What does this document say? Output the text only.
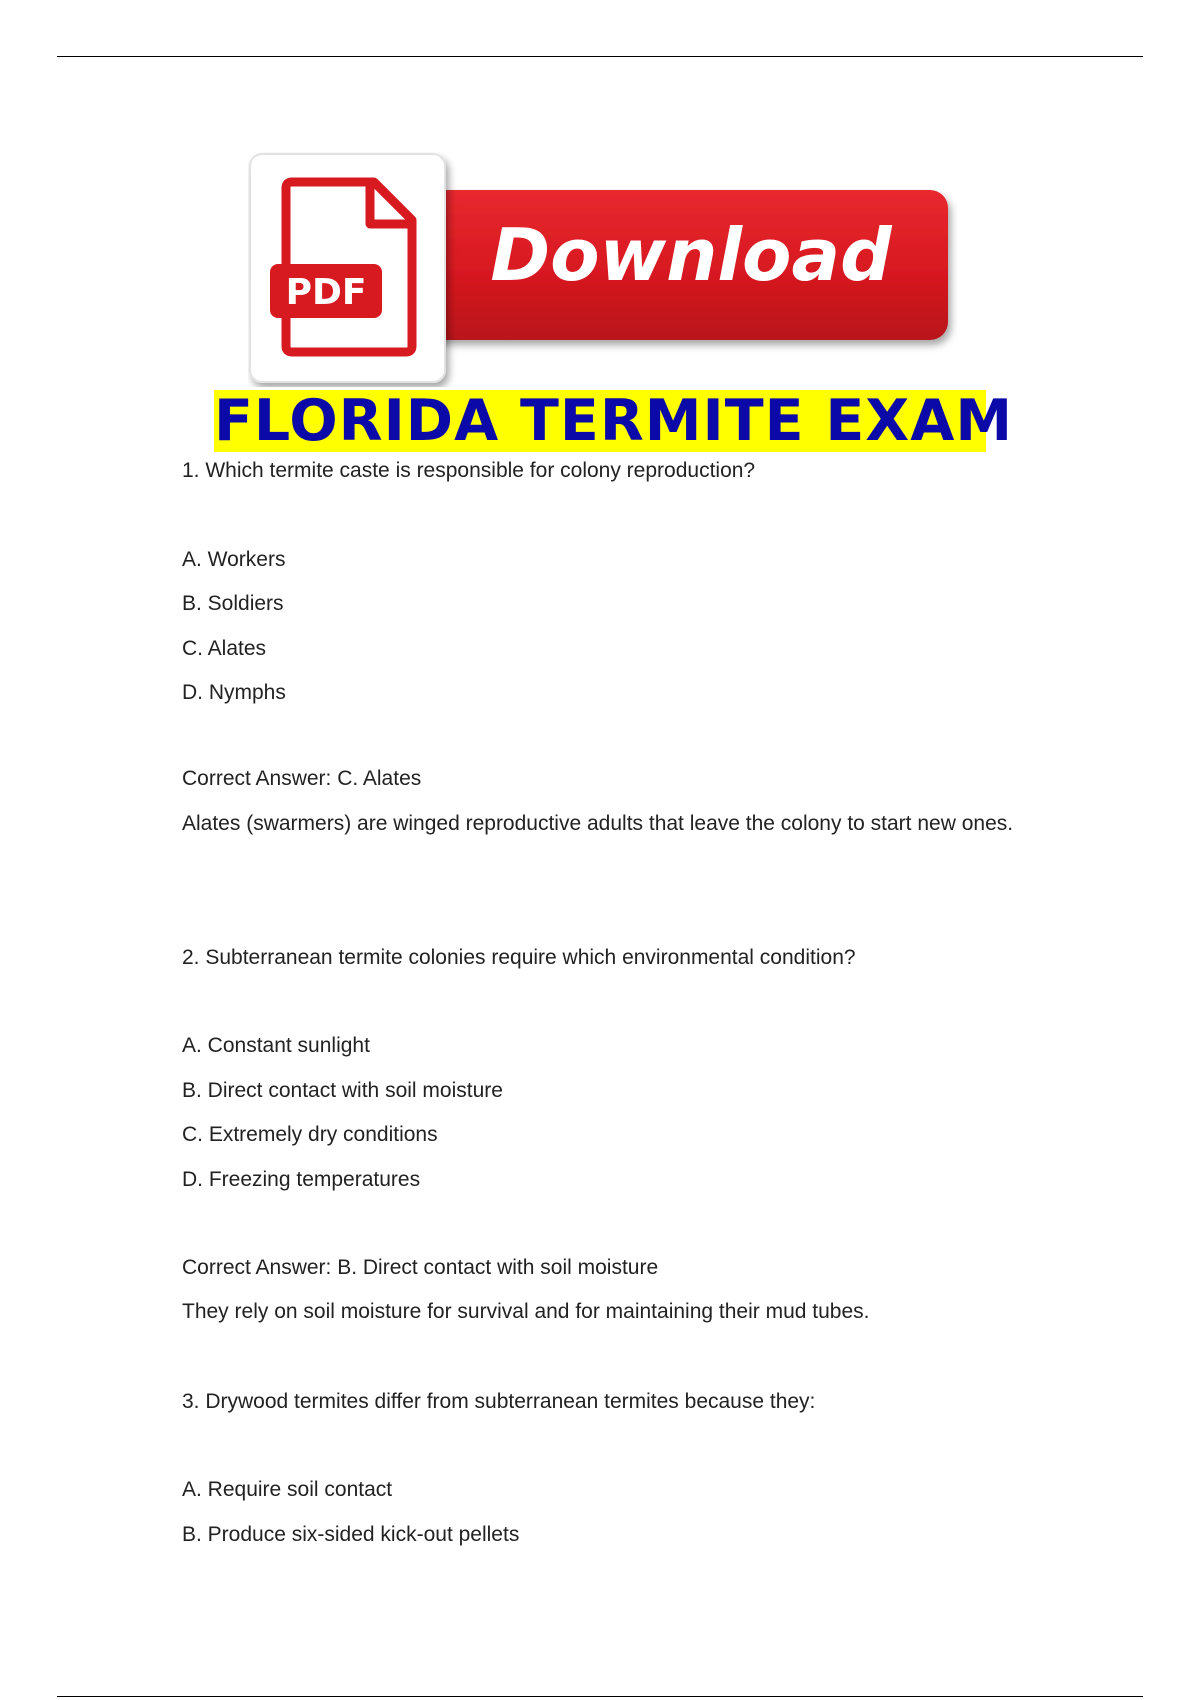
Download
PDF
FLORIDA TERMITE EXAM
1. Which termite caste is responsible for colony reproduction?
A. Workers
B. Soldiers
C. Alates
D. Nymphs
Correct Answer: C. Alates
Alates (swarmers) are winged reproductive adults that leave the colony to start new ones.
2. Subterranean termite colonies require which environmental condition?
A. Constant sunlight
B. Direct contact with soil moisture
C. Extremely dry conditions
D. Freezing temperatures
Correct Answer: B. Direct contact with soil moisture
They rely on soil moisture for survival and for maintaining their mud tubes.
3. Drywood termites differ from subterranean termites because they:
A. Require soil contact
B. Produce six-sided kick-out pellets
